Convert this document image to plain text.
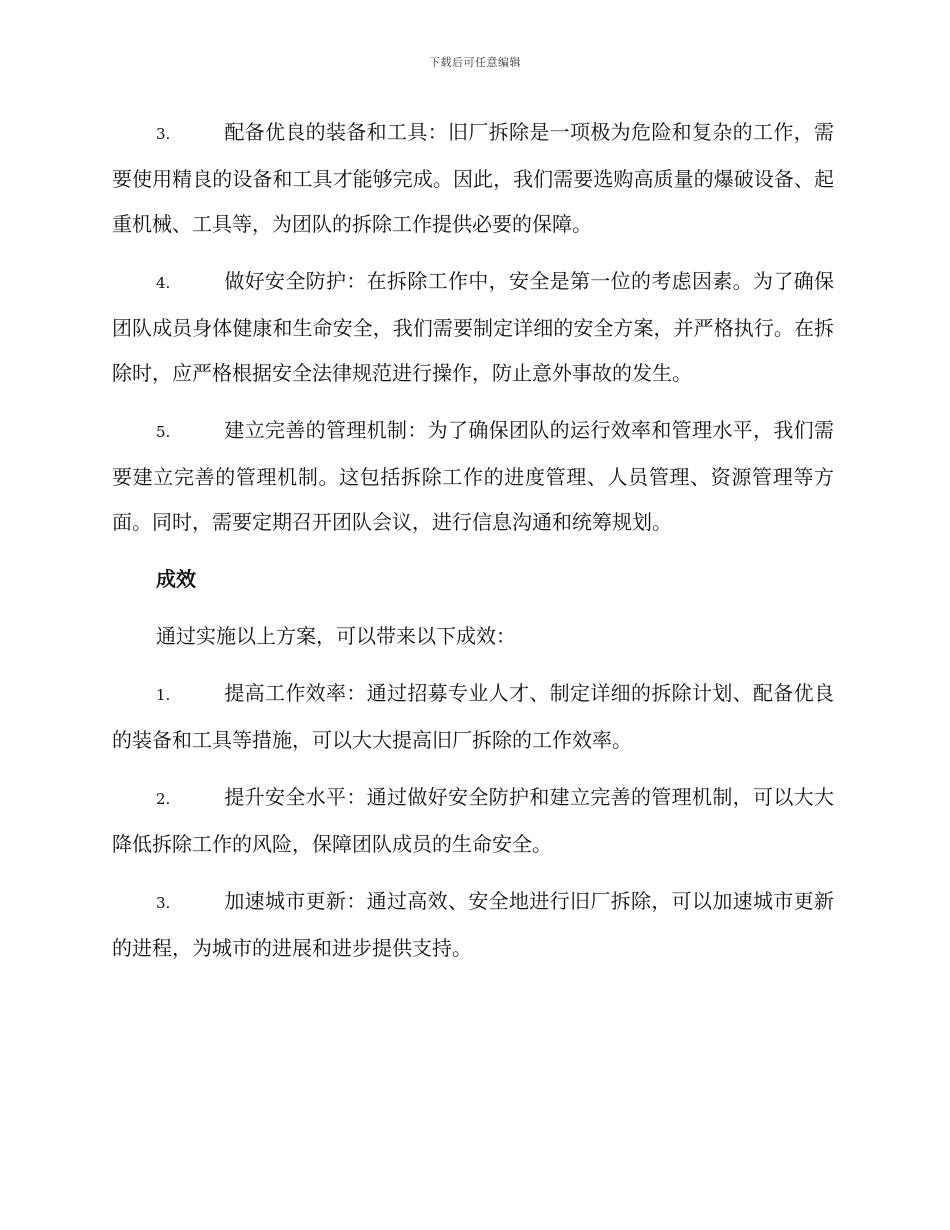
下载后可任意编辑

3.	配备优良的装备和工具：旧厂拆除是一项极为危险和复杂的工作，需要使用精良的设备和工具才能够完成。因此，我们需要选购高质量的爆破设备、起重机械、工具等，为团队的拆除工作提供必要的保障。

4.	做好安全防护：在拆除工作中，安全是第一位的考虑因素。为了确保团队成员身体健康和生命安全，我们需要制定详细的安全方案，并严格执行。在拆除时，应严格根据安全法律规范进行操作，防止意外事故的发生。

5.	建立完善的管理机制：为了确保团队的运行效率和管理水平，我们需要建立完善的管理机制。这包括拆除工作的进度管理、人员管理、资源管理等方面。同时，需要定期召开团队会议，进行信息沟通和统筹规划。

成效

通过实施以上方案，可以带来以下成效：

1.	提高工作效率：通过招募专业人才、制定详细的拆除计划、配备优良的装备和工具等措施，可以大大提高旧厂拆除的工作效率。

2.	提升安全水平：通过做好安全防护和建立完善的管理机制，可以大大降低拆除工作的风险，保障团队成员的生命安全。

3.	加速城市更新：通过高效、安全地进行旧厂拆除，可以加速城市更新的进程，为城市的进展和进步提供支持。
